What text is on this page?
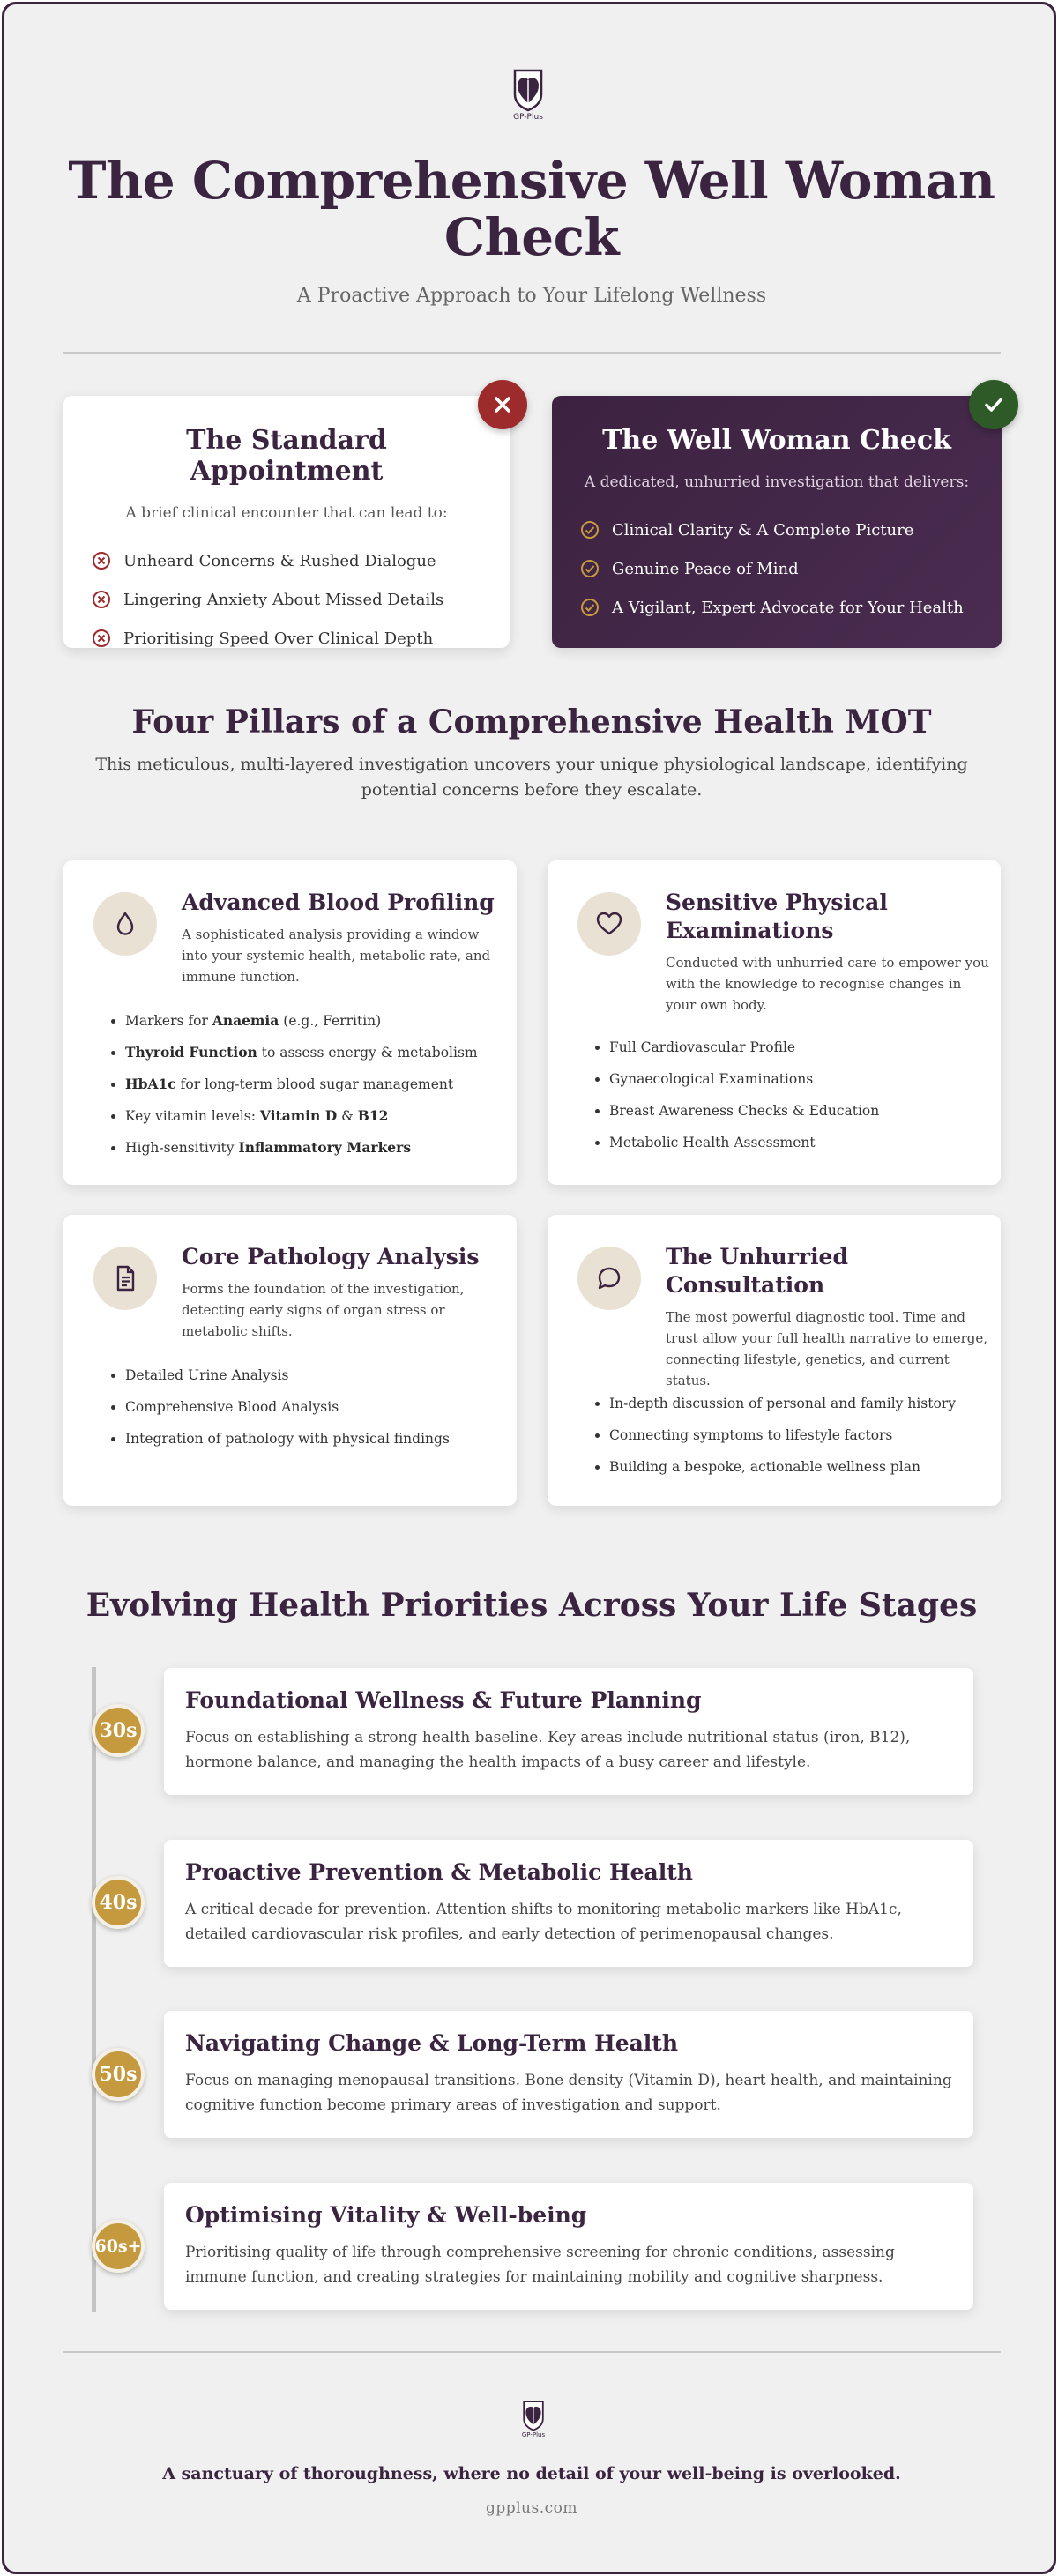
GP-Plus
The Comprehensive Well Woman Check
A Proactive Approach to Your Lifelong Wellness
The Standard Appointment
A brief clinical encounter that can lead to:
Unheard Concerns & Rushed Dialogue
Lingering Anxiety About Missed Details
Prioritising Speed Over Clinical Depth
The Well Woman Check
A dedicated, unhurried investigation that delivers:
Clinical Clarity & A Complete Picture
Genuine Peace of Mind
A Vigilant, Expert Advocate for Your Health
Four Pillars of a Comprehensive Health MOT
This meticulous, multi-layered investigation uncovers your unique physiological landscape, identifying potential concerns before they escalate.
Advanced Blood Profiling
A sophisticated analysis providing a window into your systemic health, metabolic rate, and immune function.
• Markers for Anaemia (e.g., Ferritin)
• Thyroid Function to assess energy & metabolism
• HbA1c for long-term blood sugar management
• Key vitamin levels: Vitamin D & B12
• High-sensitivity Inflammatory Markers
Sensitive Physical Examinations
Conducted with unhurried care to empower you with the knowledge to recognise changes in your own body.
• Full Cardiovascular Profile
• Gynaecological Examinations
• Breast Awareness Checks & Education
• Metabolic Health Assessment
Core Pathology Analysis
Forms the foundation of the investigation, detecting early signs of organ stress or metabolic shifts.
• Detailed Urine Analysis
• Comprehensive Blood Analysis
• Integration of pathology with physical findings
The Unhurried Consultation
The most powerful diagnostic tool. Time and trust allow your full health narrative to emerge, connecting lifestyle, genetics, and current status.
• In-depth discussion of personal and family history
• Connecting symptoms to lifestyle factors
• Building a bespoke, actionable wellness plan
Evolving Health Priorities Across Your Life Stages
Foundational Wellness & Future Planning
Focus on establishing a strong health baseline. Key areas include nutritional status (iron, B12), hormone balance, and managing the health impacts of a busy career and lifestyle.
30s
Proactive Prevention & Metabolic Health
A critical decade for prevention. Attention shifts to monitoring metabolic markers like HbA1c, detailed cardiovascular risk profiles, and early detection of perimenopausal changes.
40s
Navigating Change & Long-Term Health
Focus on managing menopausal transitions. Bone density (Vitamin D), heart health, and maintaining cognitive function become primary areas of investigation and support.
50s
Optimising Vitality & Well-being
Prioritising quality of life through comprehensive screening for chronic conditions, assessing immune function, and creating strategies for maintaining mobility and cognitive sharpness.
60s+
GP-Plus
A sanctuary of thoroughness, where no detail of your well-being is overlooked.
gpplus.com
